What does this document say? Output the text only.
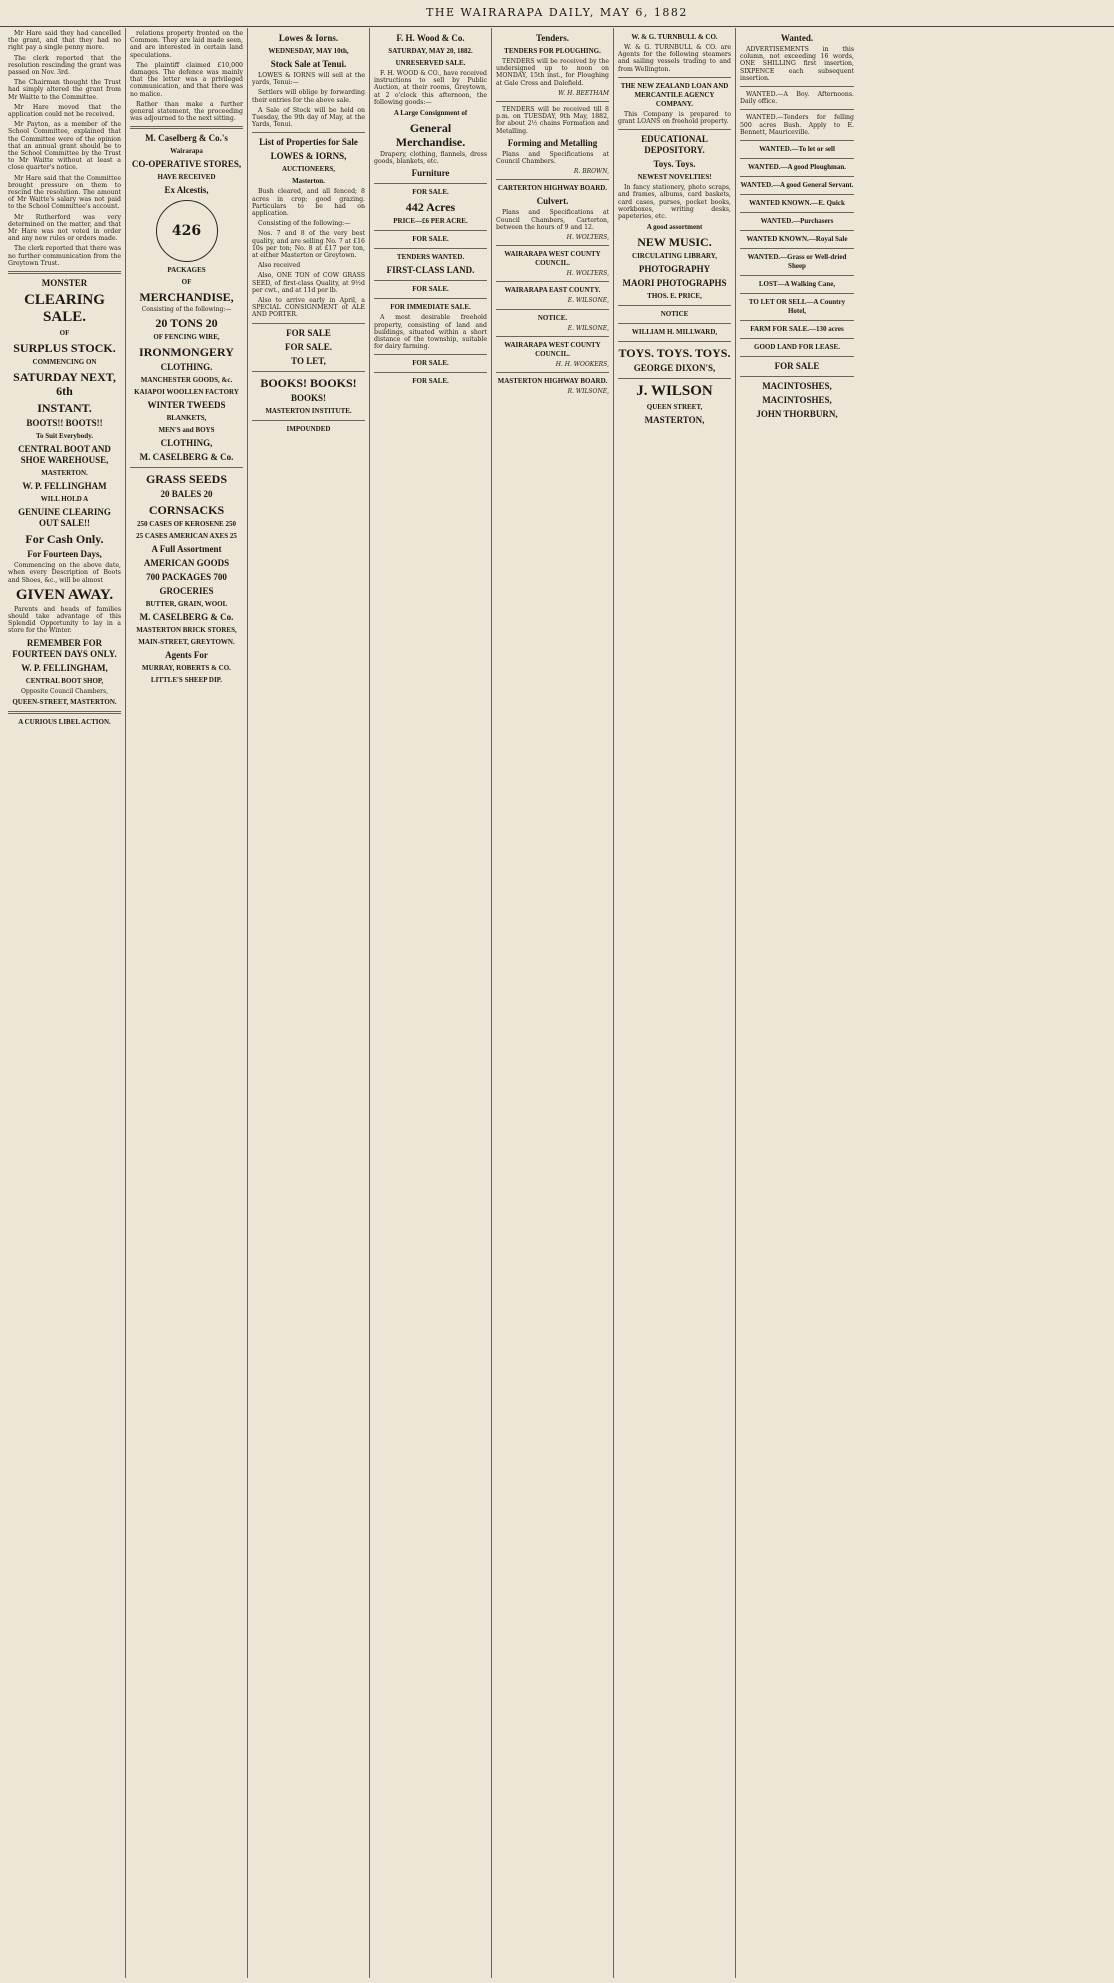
THE WAIRARAPA DAILY, MAY 6, 1882

Mr Hare said they had cancelled the grant, and that they had no right pay a single penny more.

The clerk reported that the resolution rescinding the grant was passed on Nov. 3rd.

The Chairman thought the Trust had simply altered the grant from Mr Waitte to the Committee.

Mr Hare moved that the application could not be received.

Mr Payton, as a member of the School Committee, explained that the Committee were of the opinion that an annual grant should be to the School Committee by the Trust to Mr Waitte without at least a close quarter's notice.

Mr Hare said that the Committee brought pressure on them to rescind the resolution. The amount of Mr Waitte's salary was not paid to the School Committee's account.

Mr Rutherford was very determined on the matter, and that Mr Hare was not voted in order and any new rules or orders made.

The clerk reported that there was no further communication from the Greytown Trust.

MONSTER
CLEARING SALE.
OF
SURPLUS STOCK.
COMMENCING ON
SATURDAY NEXT, 6th
INSTANT.
BOOTS!! BOOTS!!
To Suit Everybody.
CENTRAL BOOT AND SHOE WAREHOUSE,
MASTERTON.
W. P. FELLINGHAM
WILL HOLD A
GENUINE CLEARING OUT SALE!!
For Cash Only.
For Fourteen Days,

Commencing on the above date, when every Description of Boots and Shoes, &c., will be almost

GIVEN AWAY.

Parents and heads of families should take advantage of this Splendid Opportunity to lay in a store for the Winter.

REMEMBER FOR FOURTEEN DAYS ONLY.
W. P. FELLINGHAM,
CENTRAL BOOT SHOP,
Opposite Council Chambers,
QUEEN-STREET, MASTERTON.
A CURIOUS LIBEL ACTION.

relations property fronted on the Common. They are laid made seen, and are interested in certain land speculations.

The plaintiff claimed £10,000 damages. The defence was mainly that the letter was a privileged communication, and that there was no malice.

Rather than make a further general statement, the proceeding was adjourned to the next sitting.

M. Caselberg & Co.'s
Wairarapa
CO-OPERATIVE STORES,
HAVE RECEIVED
Ex Alcestis,
426
PACKAGES
OF
MERCHANDISE,
Consisting of the following:—
20 TONS 20
OF FENCING WIRE,
IRONMONGERY
CLOTHING.
MANCHESTER GOODS, &c.
KAIAPOI WOOLLEN FACTORY
WINTER TWEEDS
BLANKETS,
MEN'S and BOYS
CLOTHING,
M. CASELBERG & Co.
GRASS SEEDS
20 BALES 20
CORNSACKS
250 CASES OF KEROSENE 250
25 CASES AMERICAN AXES 25
A Full Assortment
AMERICAN GOODS
700 PACKAGES 700
GROCERIES
BUTTER, GRAIN, WOOL
M. CASELBERG & Co.
MASTERTON BRICK STORES,
MAIN-STREET, GREYTOWN.
Agents For
MURRAY, ROBERTS & CO.
LITTLE'S SHEEP DIP.
Lowes & Iorns.
WEDNESDAY, MAY 10th,
Stock Sale at Tenui.

LOWES & IORNS will sell at the yards, Tenui:—

Settlers will oblige by forwarding their entries for the above sale.

A Sale of Stock will be held on Tuesday, the 9th day of May, at the Yards, Tenui.

List of Properties for Sale
LOWES & IORNS,
AUCTIONEERS,
Masterton.

Bush cleared, and all fenced; 8 acres in crop; good grazing. Particulars to be had on application.

Consisting of the following:—

Nos. 7 and 8 of the very best quality, and are selling No. 7 at £16 10s per ton; No. 8 at £17 per ton, at either Masterton or Greytown.

Also received

Also, ONE TON of COW GRASS SEED, of first-class Quality, at 9½d per cwt., and at 11d per lb.

Also to arrive early in April, a SPECIAL CONSIGNMENT of ALE AND PORTER.

FOR SALE
FOR SALE.
TO LET,
BOOKS! BOOKS!
BOOKS!
MASTERTON INSTITUTE.
IMPOUNDED
F. H. Wood & Co.
SATURDAY, MAY 20, 1882.
UNRESERVED SALE.

F. H. WOOD & CO., have received instructions to sell by Public Auction, at their rooms, Greytown, at 2 o'clock this afternoon, the following goods:—

A Large Consignment of
General Merchandise.

Drapery, clothing, flannels, dress goods, blankets, etc.

Furniture
FOR SALE.
442 Acres
PRICE—£6 PER ACRE.
FOR SALE.
TENDERS WANTED.
FIRST-CLASS LAND.
FOR SALE.
FOR IMMEDIATE SALE.

A most desirable freehold property, consisting of land and buildings, situated within a short distance of the township, suitable for dairy farming.

FOR SALE.
FOR SALE.
Tenders.
TENDERS FOR PLOUGHING.

TENDERS will be received by the undersigned up to noon on MONDAY, 15th inst., for Ploughing at Gale Cross and Dalefield.

W. H. BEETHAM

TENDERS will be received till 8 p.m. on TUESDAY, 9th May, 1882, for about 2½ chains Formation and Metalling.

Forming and Metalling

Plans and Specifications at Council Chambers.

R. BROWN,
CARTERTON HIGHWAY BOARD.
Culvert.

Plans and Specifications at Council Chambers, Carterton, between the hours of 9 and 12.

H. WOLTERS,
WAIRARAPA WEST COUNTY COUNCIL.
H. WOLTERS,
WAIRARAPA EAST COUNTY.
E. WILSONE,
NOTICE.
E. WILSONE,
WAIRARAPA WEST COUNTY COUNCIL.
H. H. WOOKERS,
MASTERTON HIGHWAY BOARD.
R. WILSONE,
W. & G. TURNBULL & CO.

W. & G. TURNBULL & CO. are Agents for the following steamers and sailing vessels trading to and from Wellington.

THE NEW ZEALAND LOAN AND MERCANTILE AGENCY COMPANY.

This Company is prepared to grant LOANS on freehold property.

EDUCATIONAL DEPOSITORY.
Toys. Toys.
NEWEST NOVELTIES!

In fancy stationery, photo scraps, and frames, albums, card baskets, card cases, purses, pocket books, workboxes, writing desks, papeteries, etc.

A good assortment
NEW MUSIC.
CIRCULATING LIBRARY,
PHOTOGRAPHY
MAORI PHOTOGRAPHS
THOS. E. PRICE,
NOTICE
WILLIAM H. MILLWARD,
TOYS. TOYS. TOYS.
GEORGE DIXON'S,
J. WILSON
QUEEN STREET,
MASTERTON,
Wanted.

ADVERTISEMENTS in this column, not exceeding 16 words, ONE SHILLING first insertion, SIXPENCE each subsequent insertion.

WANTED.—A Boy. Afternoons. Daily office.

WANTED.—Tenders for felling 500 acres Bush. Apply to E. Bennett, Mauriceville.

WANTED.—To let or sell
WANTED.—A good Ploughman.
WANTED.—A good General Servant.
WANTED KNOWN.—E. Quick
WANTED.—Purchasers
WANTED KNOWN.—Royal Sale
WANTED.—Grass or Well-dried Sheep
LOST—A Walking Cane,
TO LET OR SELL—A Country Hotel,
FARM FOR SALE.—130 acres
GOOD LAND FOR LEASE.
FOR SALE
MACINTOSHES,
MACINTOSHES,
JOHN THORBURN,
